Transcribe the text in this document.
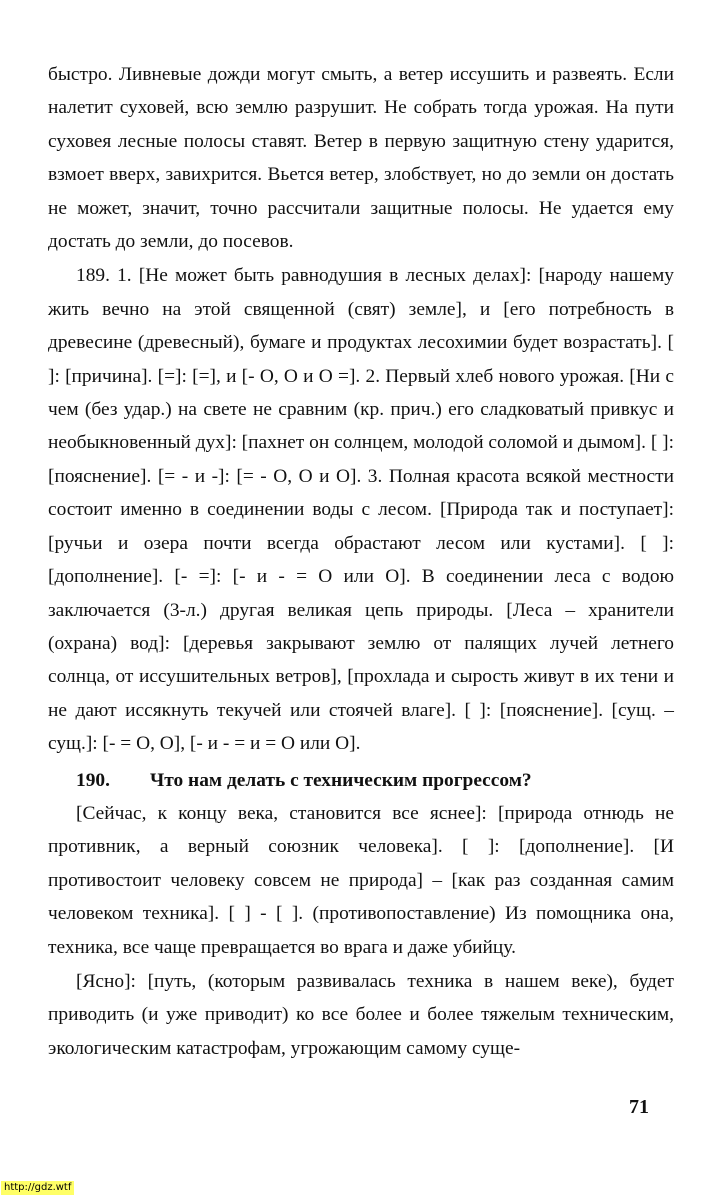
быстро. Ливневые дожди могут смыть, а ветер иссушить и развеять. Если налетит суховей, всю землю разрушит. Не собрать тогда урожая. На пути суховея лесные полосы ставят. Ветер в первую защитную стену ударится, взмоет вверх, завихрится. Вьется ветер, злобствует, но до земли он достать не может, значит, точно рассчитали защитные полосы. Не удается ему достать до земли, до посевов.

189. 1. [Не может быть равнодушия в лесных делах]: [народу нашему жить вечно на этой священной (свят) земле], и [его потребность в древесине (древесный), бумаге и продуктах лесохимии будет возрастать]. [ ]: [причина]. [=]: [=], и [- О, О и О =]. 2. Первый хлеб нового урожая. [Ни с чем (без удар.) на свете не сравним (кр. прич.) его сладковатый привкус и необыкновенный дух]: [пахнет он солнцем, молодой соломой и дымом]. [ ]: [пояснение]. [= - и -]: [= - О, О и О]. 3. Полная красота всякой местности состоит именно в соединении воды с лесом. [Природа так и поступает]: [ручьи и озера почти всегда обрастают лесом или кустами]. [ ]: [дополнение]. [- =]: [- и - = О или О]. В соединении леса с водою заключается (3-л.) другая великая цепь природы. [Леса – хранители (охрана) вод]: [деревья закрывают землю от палящих лучей летнего солнца, от иссушительных ветров], [прохлада и сырость живут в их тени и не дают иссякнуть текучей или стоячей влаге]. [ ]: [пояснение]. [сущ. – сущ.]: [- = О, О], [- и - = и = О или О].

190.	Что нам делать с техническим прогрессом?

[Сейчас, к концу века, становится все яснее]: [природа отнюдь не противник, а верный союзник человека]. [ ]: [дополнение]. [И противостоит человеку совсем не природа] – [как раз созданная самим человеком техника]. [ ] - [ ]. (противопоставление) Из помощника она, техника, все чаще превращается во врага и даже убийцу.

[Ясно]: [путь, (которым развивалась техника в нашем веке), будет приводить (и уже приводит) ко все более и более тяжелым техническим, экологическим катастрофам, угрожающим самому суще-

71
http://gdz.wtf
